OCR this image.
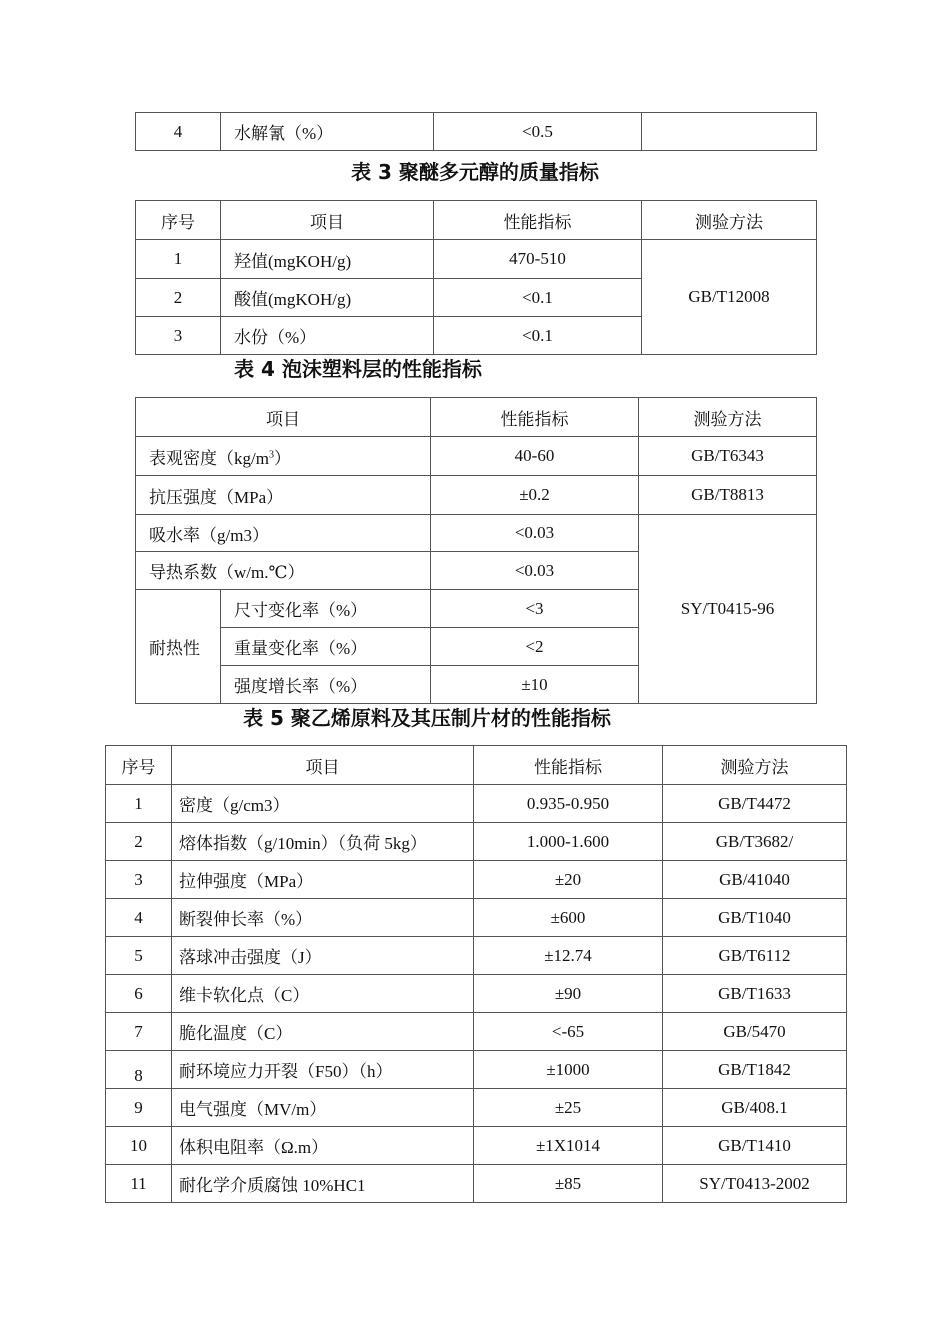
4	水解氰（%）	<0.5	
表 3 聚醚多元醇的质量指标
序号	项目	性能指标	测验方法
1	羟值(mgKOH/g)	470-510	GB/T12008
2	酸值(mgKOH/g)	<0.1	
3	水份（%）	<0.1	
表 4 泡沫塑料层的性能指标
项目		性能指标	测验方法
表观密度$(kg/m^3)$		40-60	GB/T6343
抗压强度（MPa）		±0.2	GB/T8813
吸水率（g/m3）		<0.03	SY/T0415-96
导热系数（w/m.℃）		<0.03	
耐热性	尺寸变化率（%）	<3	
	重量变化率（%）	<2	
	强度增长率（%）	±10	
表 5 聚乙烯原料及其压制片材的性能指标
序号	项目	性能指标	测验方法
1	密度（g/cm3）	0.935-0.950	GB/T4472
2	熔体指数（g/10min）（负荷 5kg）	1.000-1.600	GB/T3682/
3	拉伸强度（MPa）	±20	GB/41040
4	断裂伸长率（%）	±600	GB/T1040
5	落球冲击强度（J）	±12.74	GB/T6112
6	维卡软化点（C）	±90	GB/T1633
7	脆化温度（C）	<-65	GB/5470
8	耐环境应力开裂（F50）（h）	±1000	GB/T1842
9	电气强度（MV/m）	±25	GB/408.1
10	体积电阻率（Ω.m）	±1X1014	GB/T1410
11	耐化学介质腐蚀 10%HC1	±85	SY/T0413-2002
